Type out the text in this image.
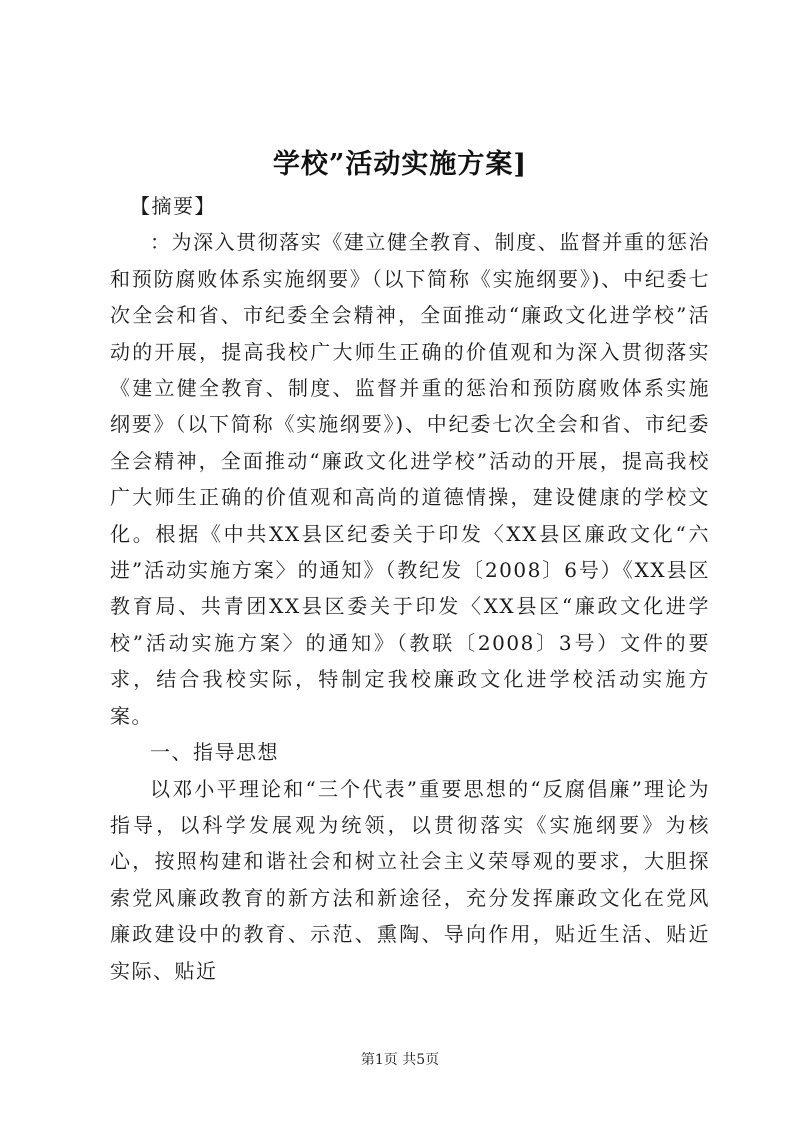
学校”活动实施方案]

【摘要】

：为深入贯彻落实《建立健全教育、制度、监督并重的惩治和预防腐败体系实施纲要》（以下简称《实施纲要》)、中纪委七次全会和省、市纪委全会精神，全面推动“廉政文化进学校”活动的开展，提高我校广大师生正确的价值观和为深入贯彻落实《建立健全教育、制度、监督并重的惩治和预防腐败体系实施纲要》（以下简称《实施纲要》)、中纪委七次全会和省、市纪委全会精神，全面推动“廉政文化进学校”活动的开展，提高我校广大师生正确的价值观和高尚的道德情操，建设健康的学校文化。根据《中共XX县区纪委关于印发〈XX县区廉政文化“六进”活动实施方案〉的通知》（教纪发〔2008〕6号）《XX县区教育局、共青团XX县区委关于印发〈XX县区“廉政文化进学校”活动实施方案〉的通知》（教联〔2008〕3号）文件的要求，结合我校实际，特制定我校廉政文化进学校活动实施方案。

一、指导思想

以邓小平理论和“三个代表”重要思想的“反腐倡廉”理论为指导，以科学发展观为统领，以贯彻落实《实施纲要》为核心，按照构建和谐社会和树立社会主义荣辱观的要求，大胆探索党风廉政教育的新方法和新途径，充分发挥廉政文化在党风廉政建设中的教育、示范、熏陶、导向作用，贴近生活、贴近实际、贴近

第1页 共5页
